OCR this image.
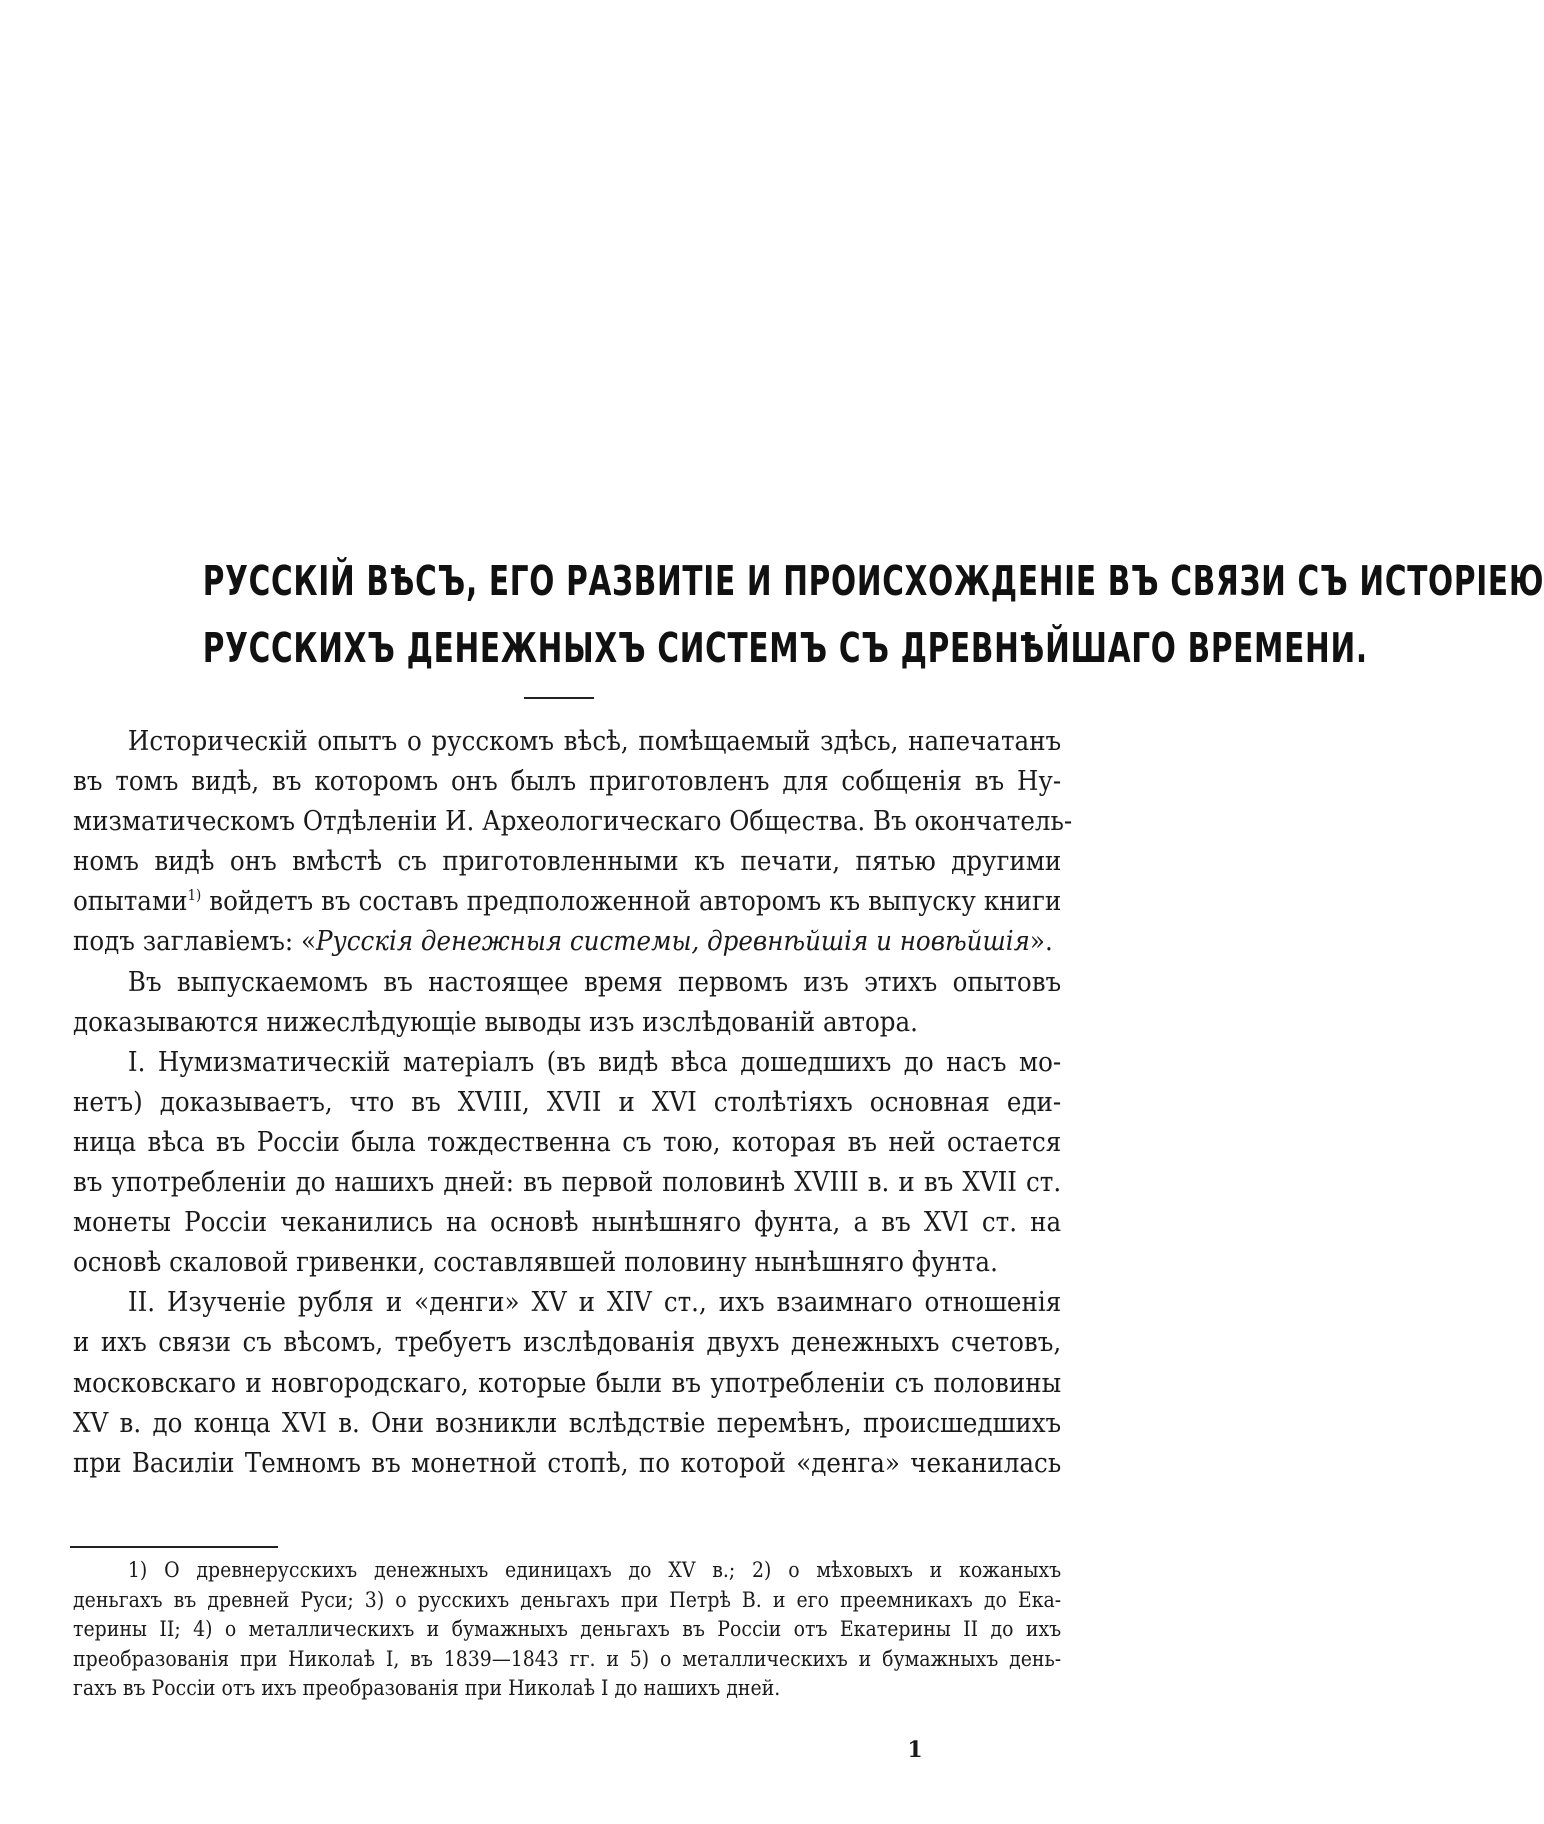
РУССКІЙ ВѢСЪ, ЕГО РАЗВИТІЕ И ПРОИСХОЖДЕНІЕ ВЪ СВЯЗИ СЪ ИСТОРІЕЮ
РУССКИХЪ ДЕНЕЖНЫХЪ СИСТЕМЪ СЪ ДРЕВНѢЙШАГО ВРЕМЕНИ.
Историческій опытъ о русскомъ вѣсѣ, помѣщаемый здѣсь, напечатанъ
въ томъ видѣ, въ которомъ онъ былъ приготовленъ для собщенія въ Ну-
мизматическомъ Отдѣленіи И. Археологическаго Общества. Въ окончатель-
номъ видѣ онъ вмѣстѣ съ приготовленными къ печати, пятью другими
опытами$^{1)}$ войдетъ въ составъ предположенной авторомъ къ выпуску книги
подъ заглавіемъ: «Русскія денежныя системы, древнѣйшія и новѣйшія».
Въ выпускаемомъ въ настоящее время первомъ изъ этихъ опытовъ
доказываются нижеслѣдующіе выводы изъ изслѣдованій автора.
I. Нумизматическій матеріалъ (въ видѣ вѣса дошедшихъ до насъ мо-
нетъ) доказываетъ, что въ XVIII, XVII и XVI столѣтіяхъ основная еди-
ница вѣса въ Россіи была тождественна съ тою, которая въ ней остается
въ употребленіи до нашихъ дней: въ первой половинѣ XVIII в. и въ XVII ст.
монеты Россіи чеканились на основѣ нынѣшняго фунта, а въ XVI ст. на
основѣ скаловой гривенки, составлявшей половину нынѣшняго фунта.
II. Изученіе рубля и «денги» XV и XIV ст., ихъ взаимнаго отношенія
и ихъ связи съ вѣсомъ, требуетъ изслѣдованія двухъ денежныхъ счетовъ,
московскаго и новгородскаго, которые были въ употребленіи съ половины
XV в. до конца XVI в. Они возникли вслѣдствіе перемѣнъ, происшедшихъ
при Василіи Темномъ въ монетной стопѣ, по которой «денга» чеканилась
1) О древнерусскихъ денежныхъ единицахъ до XV в.; 2) о мѣховыхъ и кожаныхъ
деньгахъ въ древней Руси; 3) о русскихъ деньгахъ при Петрѣ В. и его преемникахъ до Ека-
терины II; 4) о металлическихъ и бумажныхъ деньгахъ въ Россіи отъ Екатерины II до ихъ
преобразованія при Николаѣ I, въ 1839—1843 гг. и 5) о металлическихъ и бумажныхъ день-
гахъ въ Россіи отъ ихъ преобразованія при Николаѣ I до нашихъ дней.
1
